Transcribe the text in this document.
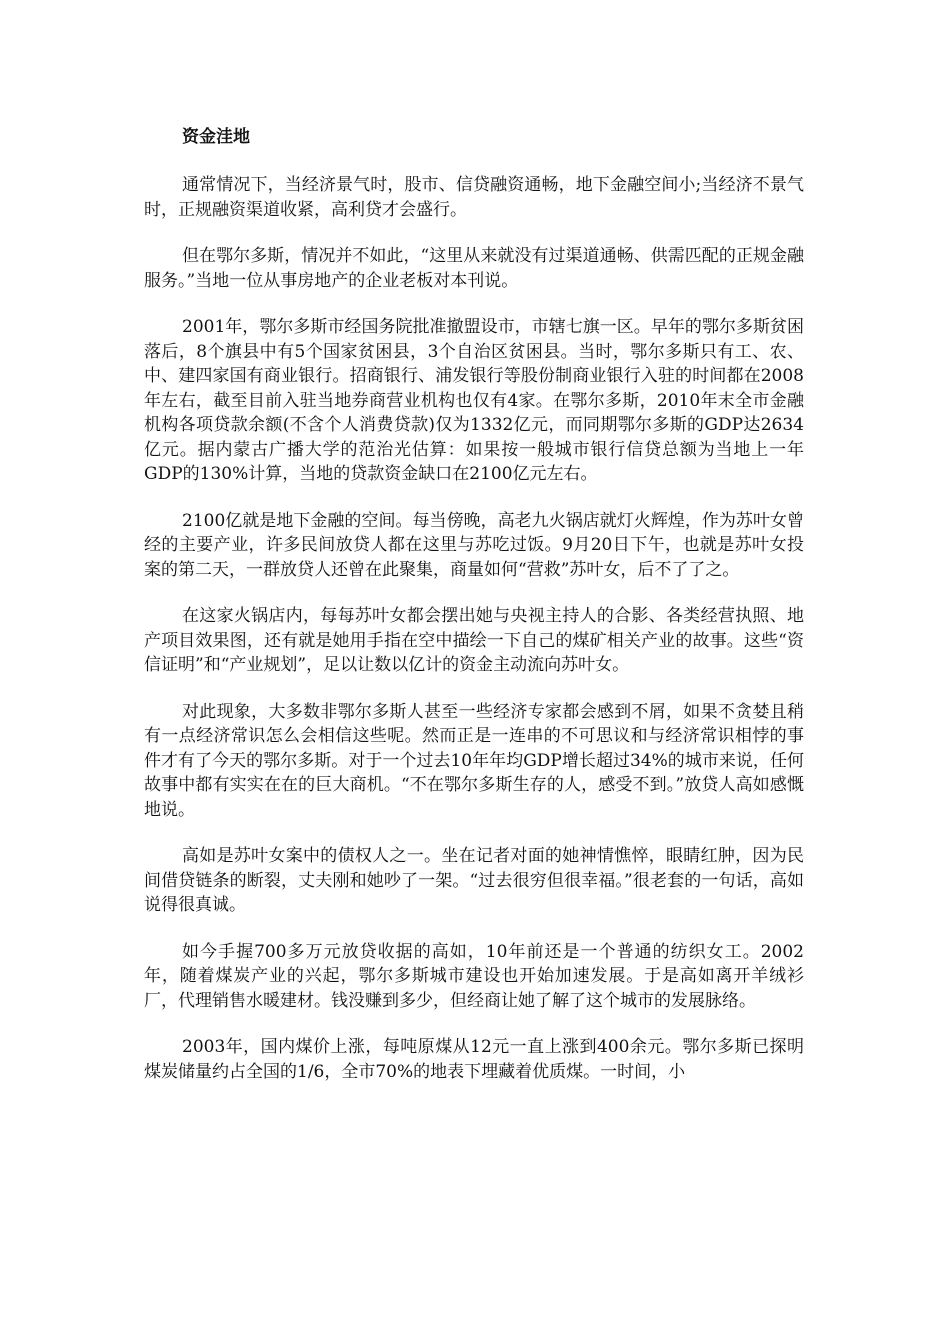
资金洼地

通常情况下，当经济景气时，股市、信贷融资通畅，地下金融空间小;当经济不景气时，正规融资渠道收紧，高利贷才会盛行。

但在鄂尔多斯，情况并不如此，“这里从来就没有过渠道通畅、供需匹配的正规金融服务。”当地一位从事房地产的企业老板对本刊说。

2001年，鄂尔多斯市经国务院批准撤盟设市，市辖七旗一区。早年的鄂尔多斯贫困落后，8个旗县中有5个国家贫困县，3个自治区贫困县。当时，鄂尔多斯只有工、农、中、建四家国有商业银行。招商银行、浦发银行等股份制商业银行入驻的时间都在2008年左右，截至目前入驻当地券商营业机构也仅有4家。在鄂尔多斯，2010年末全市金融机构各项贷款余额(不含个人消费贷款)仅为1332亿元，而同期鄂尔多斯的GDP达2634亿元。据内蒙古广播大学的范治光估算：如果按一般城市银行信贷总额为当地上一年GDP的130%计算，当地的贷款资金缺口在2100亿元左右。

2100亿就是地下金融的空间。每当傍晚，高老九火锅店就灯火辉煌，作为苏叶女曾经的主要产业，许多民间放贷人都在这里与苏吃过饭。9月20日下午，也就是苏叶女投案的第二天，一群放贷人还曾在此聚集，商量如何“营救”苏叶女，后不了了之。

在这家火锅店内，每每苏叶女都会摆出她与央视主持人的合影、各类经营执照、地产项目效果图，还有就是她用手指在空中描绘一下自己的煤矿相关产业的故事。这些“资信证明”和“产业规划”，足以让数以亿计的资金主动流向苏叶女。

对此现象，大多数非鄂尔多斯人甚至一些经济专家都会感到不屑，如果不贪婪且稍有一点经济常识怎么会相信这些呢。然而正是一连串的不可思议和与经济常识相悖的事件才有了今天的鄂尔多斯。对于一个过去10年年均GDP增长超过34%的城市来说，任何故事中都有实实在在的巨大商机。“不在鄂尔多斯生存的人，感受不到。”放贷人高如感慨地说。

高如是苏叶女案中的债权人之一。坐在记者对面的她神情憔悴，眼睛红肿，因为民间借贷链条的断裂，丈夫刚和她吵了一架。“过去很穷但很幸福。”很老套的一句话，高如说得很真诚。

如今手握700多万元放贷收据的高如，10年前还是一个普通的纺织女工。2002年，随着煤炭产业的兴起，鄂尔多斯城市建设也开始加速发展。于是高如离开羊绒衫厂，代理销售水暖建材。钱没赚到多少，但经商让她了解了这个城市的发展脉络。

2003年，国内煤价上涨，每吨原煤从12元一直上涨到400余元。鄂尔多斯已探明煤炭储量约占全国的1/6，全市70%的地表下埋藏着优质煤。一时间，小
